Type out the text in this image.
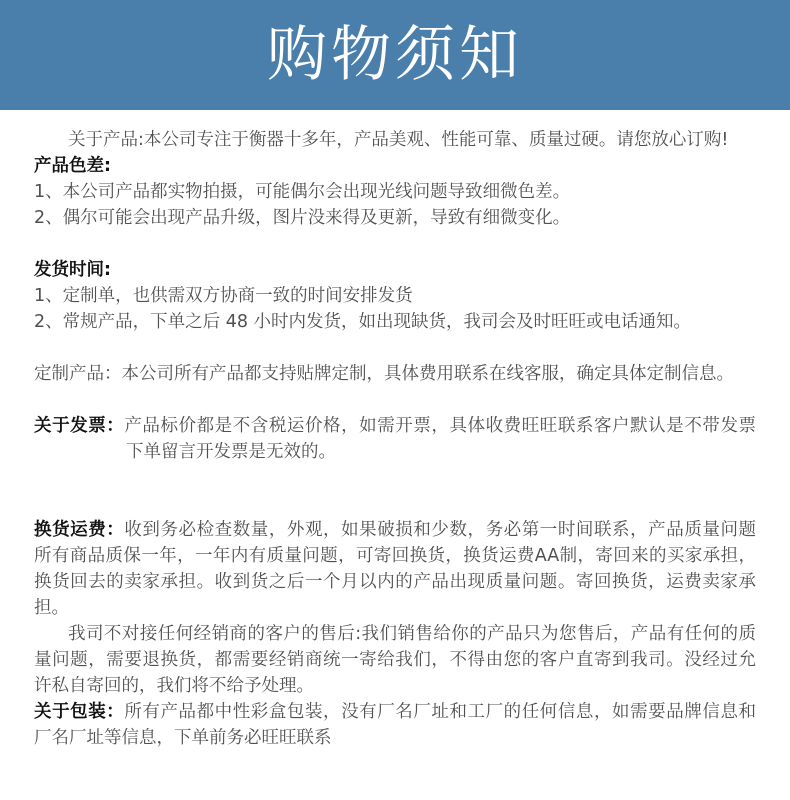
购物须知
关于产品:本公司专注于衡器十多年，产品美观、性能可靠、质量过硬。请您放心订购!
产品色差:
1、本公司产品都实物拍摄，可能偶尔会出现光线问题导致细微色差。
2、偶尔可能会出现产品升级，图片没来得及更新，导致有细微变化。
发货时间:
1、定制单，也供需双方协商一致的时间安排发货
2、常规产品，下单之后 48 小时内发货，如出现缺货，我司会及时旺旺或电话通知。
定制产品：本公司所有产品都支持贴牌定制，具体费用联系在线客服，确定具体定制信息。
关于发票：产品标价都是不含税运价格，如需开票，具体收费旺旺联系客户默认是不带发票
下单留言开发票是无效的。
换货运费：收到务必检查数量，外观，如果破损和少数，务必第一时间联系，产品质量问题
所有商品质保一年，一年内有质量问题，可寄回换货，换货运费AA制，寄回来的买家承担，
换货回去的卖家承担。收到货之后一个月以内的产品出现质量问题。寄回换货，运费卖家承
担。
我司不对接任何经销商的客户的售后:我们销售给你的产品只为您售后，产品有任何的质
量问题，需要退换货，都需要经销商统一寄给我们，不得由您的客户直寄到我司。没经过允
许私自寄回的，我们将不给予处理。
关于包装：所有产品都中性彩盒包装，没有厂名厂址和工厂的任何信息，如需要品牌信息和
厂名厂址等信息，下单前务必旺旺联系
